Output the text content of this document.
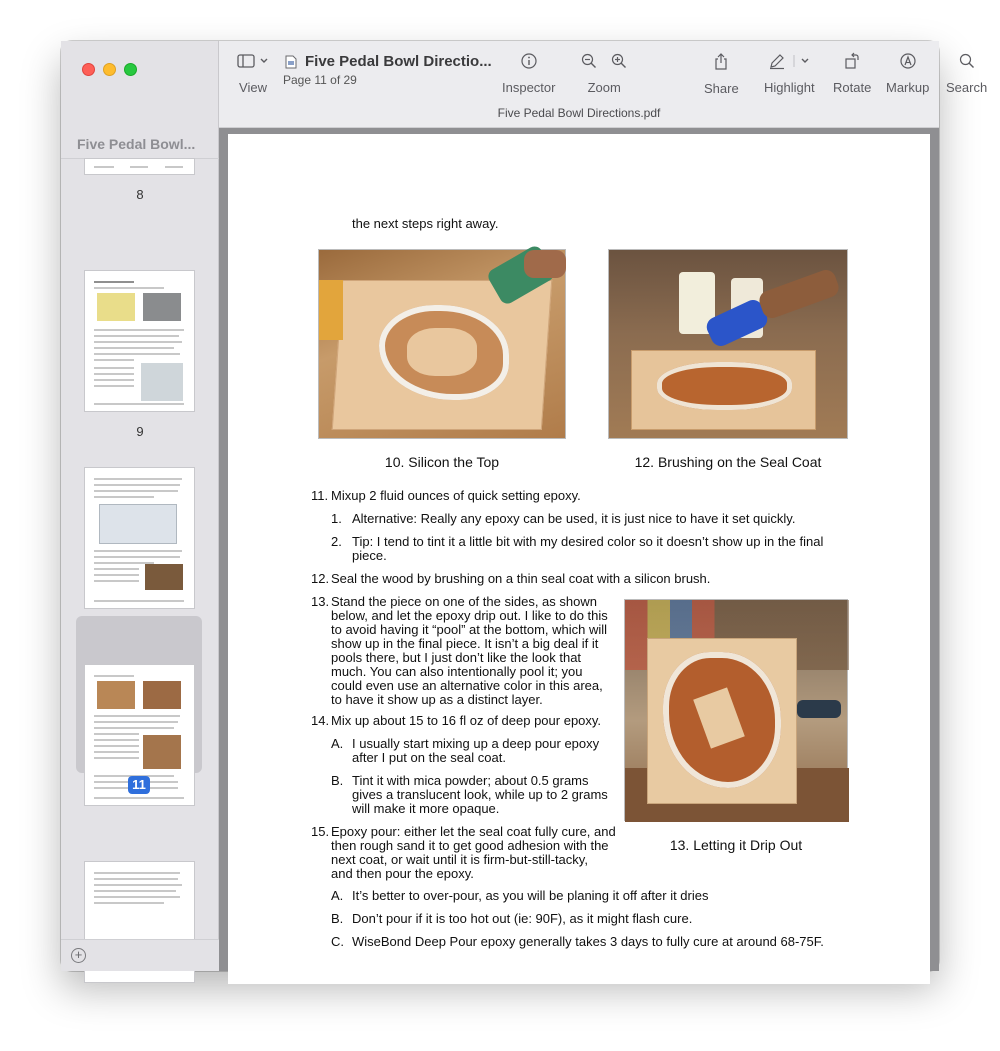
Five Pedal Bowl...
8
9
11
+
View
Five Pedal Bowl Directio...
Page 11 of 29	Inspector
	Zoom	Share Highlight Rotate Markup Search
Five Pedal Bowl Directions.pdf
the next steps right away.
10. Silicon the Top	12. Brushing on the Seal Coat
11. Mixup 2 fluid ounces of quick setting epoxy.
1. Alternative: Really any epoxy can be used, it is just nice to have it set quickly.
2. Tip: I tend to tint it a little bit with my desired color so it doesn’t show up in the final
piece.
12. Seal the wood by brushing on a thin seal coat with a silicon brush.
13. Stand the piece on one of the sides, as shown
below, and let the epoxy drip out. I like to do this
to avoid having it “pool” at the bottom, which will
show up in the final piece. It isn’t a big deal if it
pools there, but I just don’t like the look that
much. You can also intentionally pool it; you
could even use an alternative color in this area,
to have it show up as a distinct layer.
13. Letting it Drip Out
14. Mix up about 15 to 16 fl oz of deep pour epoxy.
A. I usually start mixing up a deep pour epoxy
after I put on the seal coat.
B. Tint it with mica powder; about 0.5 grams
gives a translucent look, while up to 2 grams
will make it more opaque.
15. Epoxy pour: either let the seal coat fully cure, and
then rough sand it to get good adhesion with the
next coat, or wait until it is firm-but-still-tacky,
and then pour the epoxy.
A. It’s better to over-pour, as you will be planing it off after it dries
B. Don’t pour if it is too hot out (ie: 90F), as it might flash cure.
C. WiseBond Deep Pour epoxy generally takes 3 days to fully cure at around 68-75F.
